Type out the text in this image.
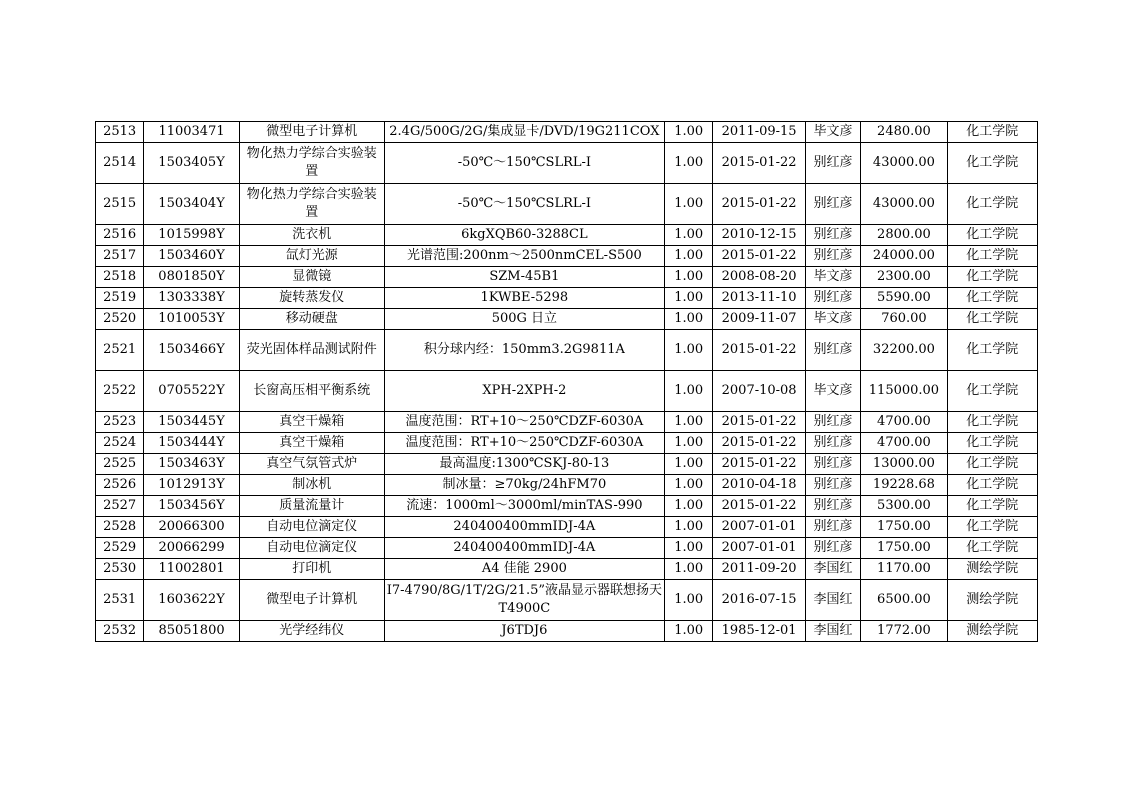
2513	11003471	微型电子计算机	2.4G/500G/2G/集成显卡/DVD/19G211COX	1.00	2011-09-15	毕文彦	2480.00	化工学院
2514	1503405Y	物化热力学综合实验装置	-50℃～150℃SLRL-Ⅰ	1.00	2015-01-22	别红彦	43000.00	化工学院
2515	1503404Y	物化热力学综合实验装置	-50℃～150℃SLRL-Ⅰ	1.00	2015-01-22	别红彦	43000.00	化工学院
2516	1015998Y	洗衣机	6kgXQB60-3288CL	1.00	2010-12-15	别红彦	2800.00	化工学院
2517	1503460Y	氙灯光源	光谱范围:200nm～2500nmCEL-S500	1.00	2015-01-22	别红彦	24000.00	化工学院
2518	0801850Y	显微镜	SZM-45B1	1.00	2008-08-20	毕文彦	2300.00	化工学院
2519	1303338Y	旋转蒸发仪	1KWBE-5298	1.00	2013-11-10	别红彦	5590.00	化工学院
2520	1010053Y	移动硬盘	500G 日立	1.00	2009-11-07	毕文彦	760.00	化工学院
2521	1503466Y	荧光固体样品测试附件	积分球内经：150mm3.2G9811A	1.00	2015-01-22	别红彦	32200.00	化工学院
2522	0705522Y	长窗高压相平衡系统	XPH-2XPH-2	1.00	2007-10-08	毕文彦	115000.00	化工学院
2523	1503445Y	真空干燥箱	温度范围：RT+10～250℃DZF-6030A	1.00	2015-01-22	别红彦	4700.00	化工学院
2524	1503444Y	真空干燥箱	温度范围：RT+10～250℃DZF-6030A	1.00	2015-01-22	别红彦	4700.00	化工学院
2525	1503463Y	真空气氛管式炉	最高温度:1300℃SKJ-80-13	1.00	2015-01-22	别红彦	13000.00	化工学院
2526	1012913Y	制冰机	制冰量：≥70kg/24hFM70	1.00	2010-04-18	别红彦	19228.68	化工学院
2527	1503456Y	质量流量计	流速：1000ml～3000ml/minTAS-990	1.00	2015-01-22	别红彦	5300.00	化工学院
2528	20066300	自动电位滴定仪	240400400mmIDJ-4A	1.00	2007-01-01	别红彦	1750.00	化工学院
2529	20066299	自动电位滴定仪	240400400mmIDJ-4A	1.00	2007-01-01	别红彦	1750.00	化工学院
2530	11002801	打印机	A4 佳能 2900	1.00	2011-09-20	李国红	1170.00	测绘学院
2531	1603622Y	微型电子计算机	I7-4790/8G/1T/2G/21.5”液晶显示器联想扬天 T4900C	1.00	2016-07-15	李国红	6500.00	测绘学院
2532	85051800	光学经纬仪	J6TDJ6	1.00	1985-12-01	李国红	1772.00	测绘学院
